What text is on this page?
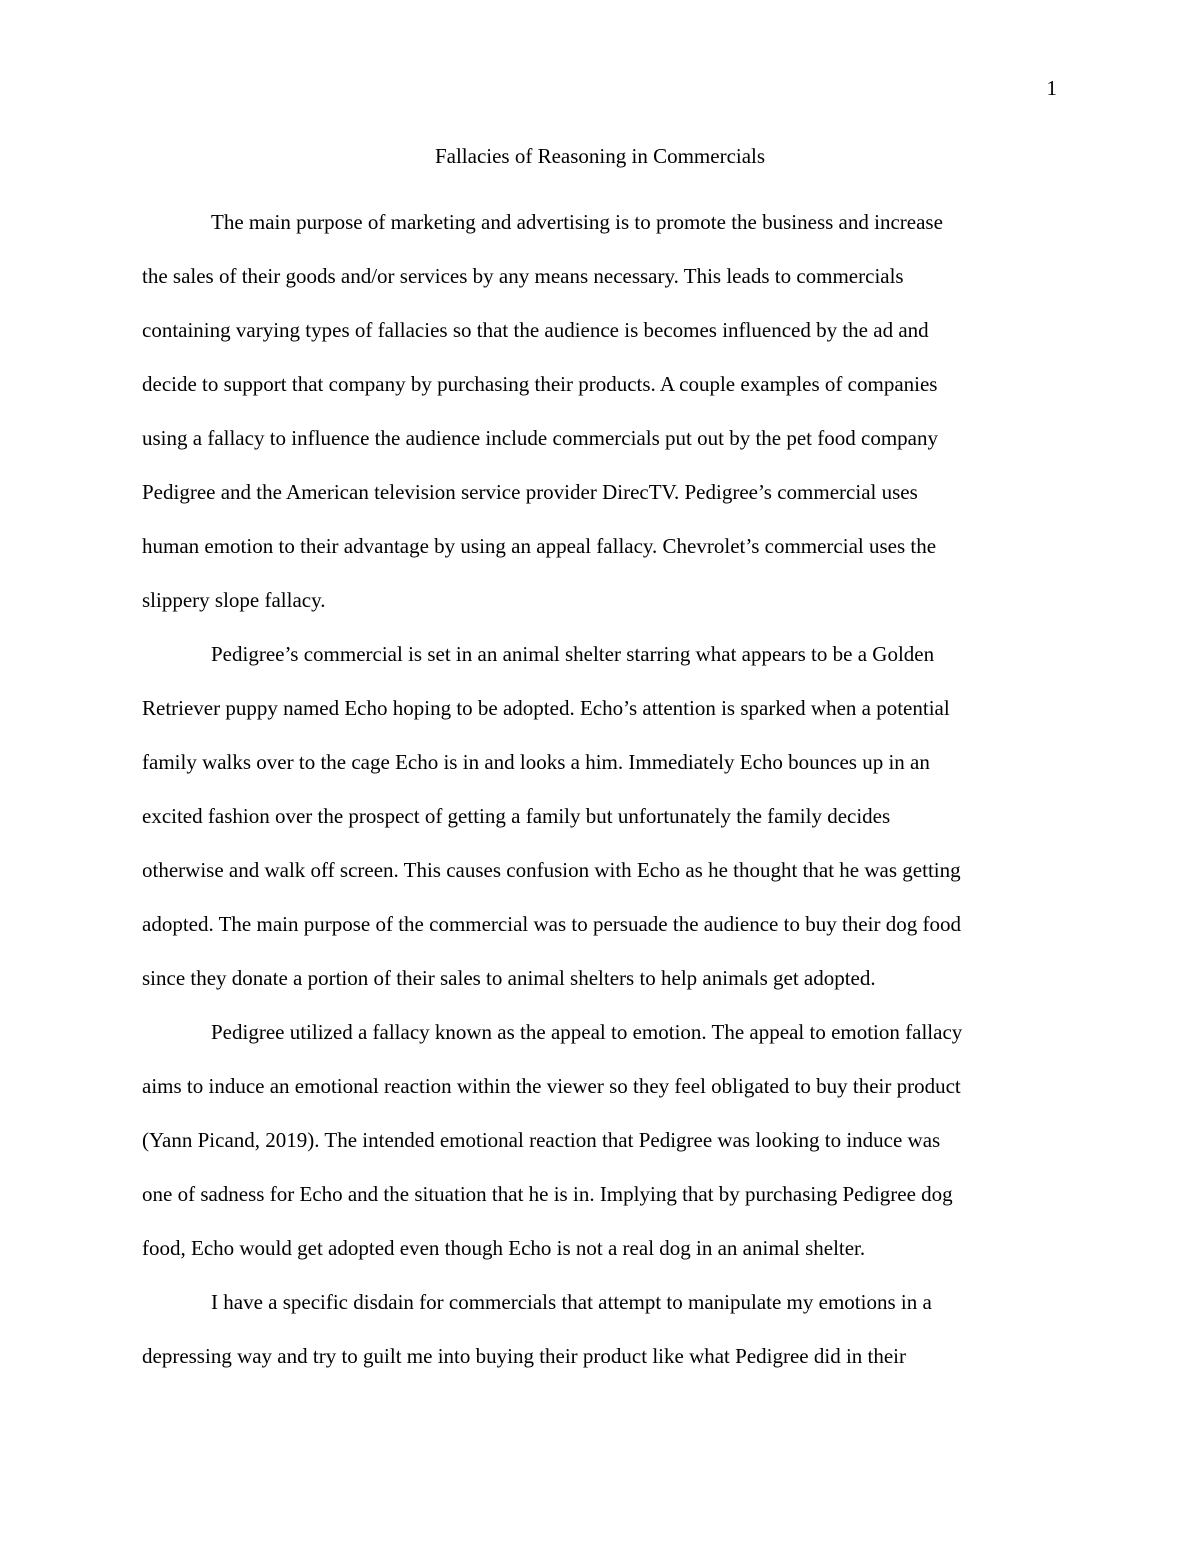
1
Fallacies of Reasoning in Commercials
The main purpose of marketing and advertising is to promote the business and increase
the sales of their goods and/or services by any means necessary. This leads to commercials
containing varying types of fallacies so that the audience is becomes influenced by the ad and
decide to support that company by purchasing their products. A couple examples of companies
using a fallacy to influence the audience include commercials put out by the pet food company
Pedigree and the American television service provider DirecTV. Pedigree’s commercial uses
human emotion to their advantage by using an appeal fallacy. Chevrolet’s commercial uses the
slippery slope fallacy.
Pedigree’s commercial is set in an animal shelter starring what appears to be a Golden
Retriever puppy named Echo hoping to be adopted. Echo’s attention is sparked when a potential
family walks over to the cage Echo is in and looks a him. Immediately Echo bounces up in an
excited fashion over the prospect of getting a family but unfortunately the family decides
otherwise and walk off screen. This causes confusion with Echo as he thought that he was getting
adopted. The main purpose of the commercial was to persuade the audience to buy their dog food
since they donate a portion of their sales to animal shelters to help animals get adopted.
Pedigree utilized a fallacy known as the appeal to emotion. The appeal to emotion fallacy
aims to induce an emotional reaction within the viewer so they feel obligated to buy their product
(Yann Picand, 2019). The intended emotional reaction that Pedigree was looking to induce was
one of sadness for Echo and the situation that he is in. Implying that by purchasing Pedigree dog
food, Echo would get adopted even though Echo is not a real dog in an animal shelter.
I have a specific disdain for commercials that attempt to manipulate my emotions in a
depressing way and try to guilt me into buying their product like what Pedigree did in their
